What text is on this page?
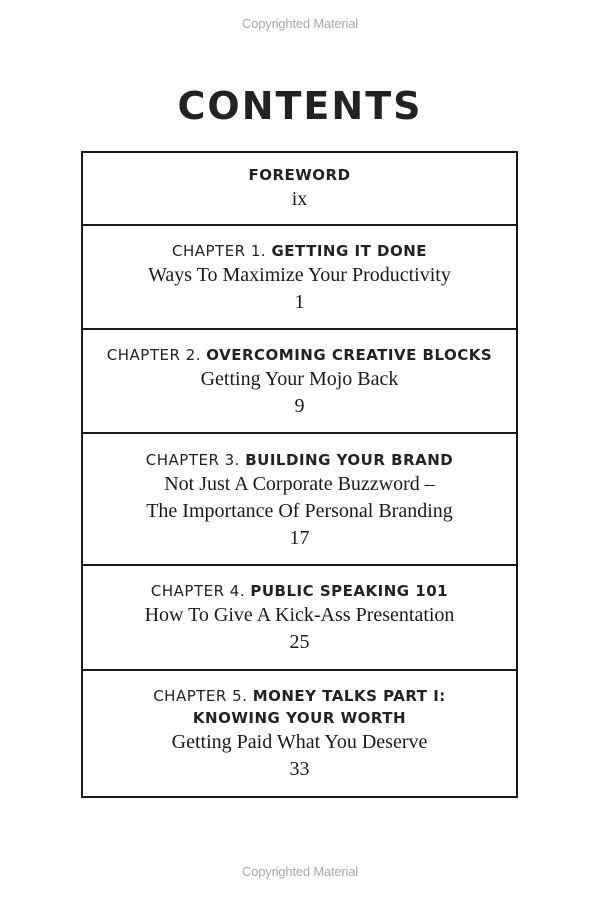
Copyrighted Material
CONTENTS
FOREWORD
ix
CHAPTER 1. GETTING IT DONE
Ways To Maximize Your Productivity
1
CHAPTER 2. OVERCOMING CREATIVE BLOCKS
Getting Your Mojo Back
9
CHAPTER 3. BUILDING YOUR BRAND
Not Just A Corporate Buzzword –
The Importance Of Personal Branding
17
CHAPTER 4. PUBLIC SPEAKING 101
How To Give A Kick-Ass Presentation
25
CHAPTER 5. MONEY TALKS PART I:
KNOWING YOUR WORTH
Getting Paid What You Deserve
33
Copyrighted Material
